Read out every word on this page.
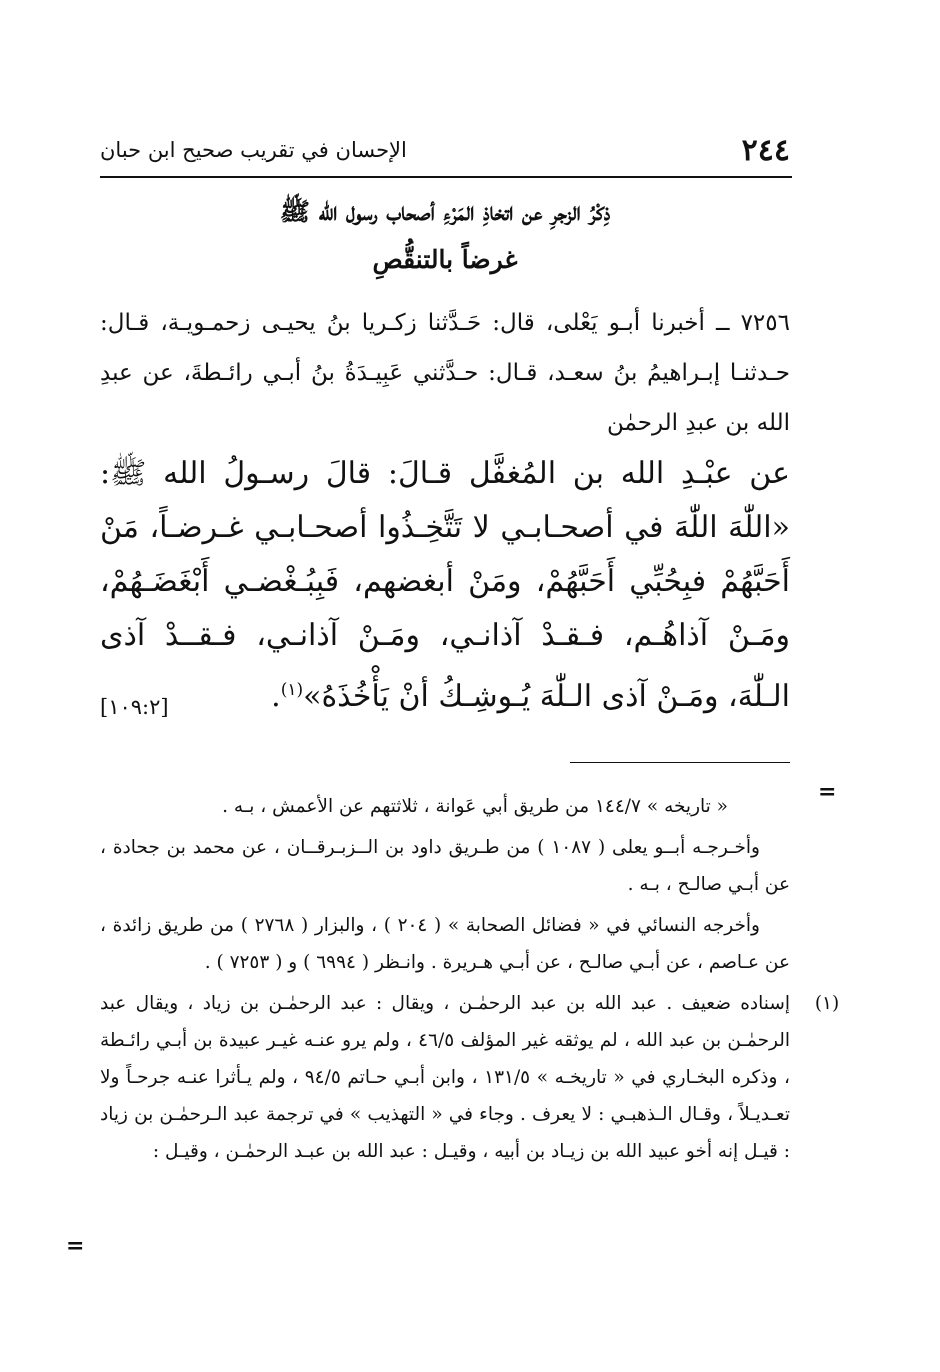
٢٤٤
الإحسان في تقريب صحيح ابن حبان
ذِكْرُ الزجرِ عن اتخاذِ المَرْءِ أصحاب رسول الله ﷺ
غرضاً بالتنقُّصِ

٧٢٥٦ ــ أخبرنا أبـو يَعْلى، قال: حَـدَّثنا زكـريا بنُ يحيـى زحمـويـة، قـال: حـدثنـا إبـراهيمُ بنُ سعـد، قـال: حـدَّثني عَبِيـدَةُ بنُ أبـي رائـطةَ، عن عبدِ الله بن عبدِ الرحمٰن

عن عبْـدِ الله بن المُغفَّل قـالَ: قالَ رسـولُ الله ﷺ: «اللّٰهَ اللّٰهَ في أصحـابـي لا تَتَّخِـذُوا أصحـابـي غـرضـاً، مَنْ أَحَبَّهُمْ فبِحُبِّي أَحَبَّهُمْ، ومَنْ أبغضهم، فَبِبُـغْضـي أَبْغَضَـهُمْ، ومَـنْ آذاهُـم، فـقـدْ آذانـي، ومَـنْ آذانـي، فـقــدْ آذى الـلّٰهَ، ومَـنْ آذى الـلّٰهَ يُـوشِـكُ أنْ يَأْخُذَهُ»$^{(١)}$.

[١٠٩:٢]
=

« تاريخه » ١٤٤/٧ من طريق أبي عَوانة ، ثلاثتهم عن الأعمش ، بـه .

وأخـرجـه أبــو يعلى ( ١٠٨٧ ) من طـريق داود بن الــزبـرقــان ، عن محمد بن جحادة ، عن أبـي صالـح ، بـه .

وأخرجه النسائي في « فضائل الصحابة » ( ٢٠٤ ) ، والبزار ( ٢٧٦٨ ) من طريق زائدة ، عن عـاصم ، عن أبـي صالـح ، عن أبـي هـريرة . وانـظر ( ٦٩٩٤ ) و ( ٧٢٥٣ ) .

(١)

إسناده ضعيف . عبد الله بن عبد الرحمٰـن ، ويقال : عبد الرحمٰـن بن زياد ، ويقال عبد الرحمٰـن بن عبد الله ، لم يوثقه غير المؤلف ٤٦/٥ ، ولم يرو عنـه غيـر عبيدة بن أبـي رائـطة ، وذكره البخـاري في « تاريخـه » ١٣١/٥ ، وابن أبـي حـاتم ٩٤/٥ ، ولم يـأثرا عنـه جرحـاً ولا تعـديـلاً ، وقـال الـذهبـي : لا يعرف . وجاء في « التهذيب » في ترجمة عبد الـرحمٰـن بن زياد : قيـل إنه أخو عبيد الله بن زيـاد بن أبيه ، وقيـل : عبد الله بن عبـد الرحمٰـن ، وقيـل :

=
